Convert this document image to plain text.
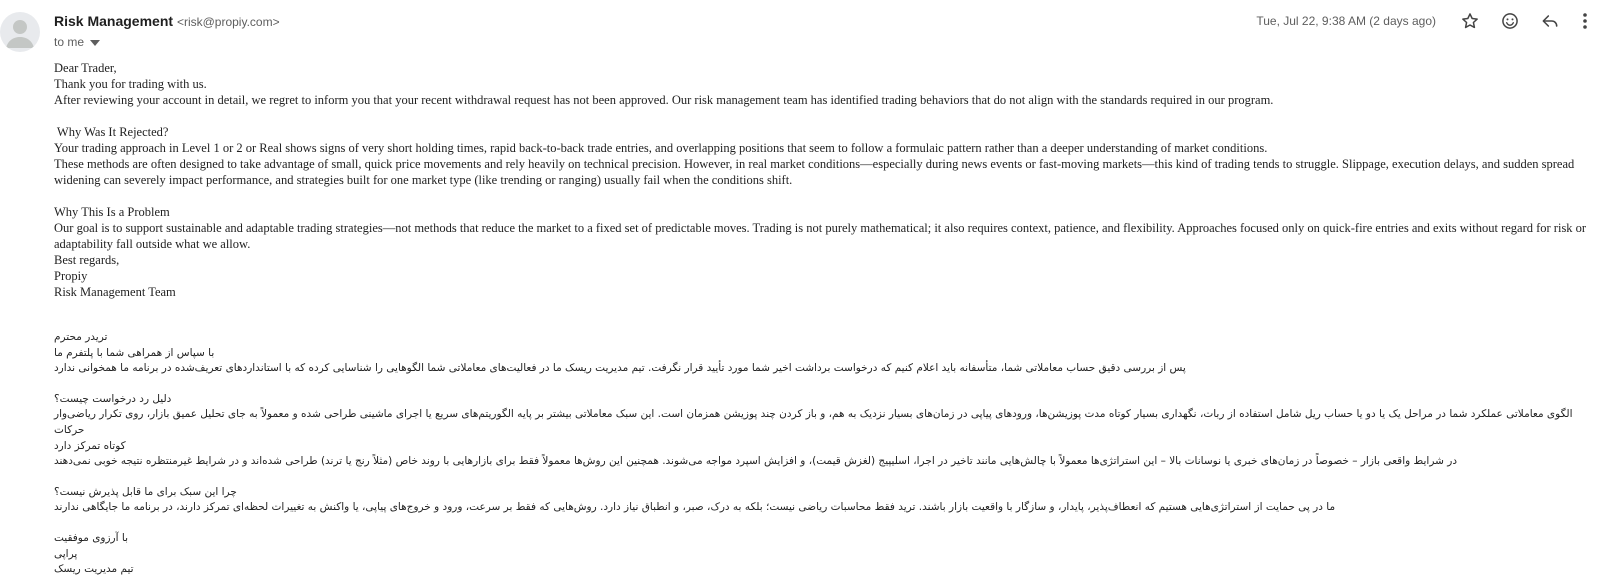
Risk Management <risk@propiy.com>
to me
Tue, Jul 22, 9:38 AM (2 days ago)

Dear Trader,

Thank you for trading with us.

After reviewing your account in detail, we regret to inform you that your recent withdrawal request has not been approved. Our risk management team has identified trading behaviors that do not align with the standards required in our program.

Why Was It Rejected?

Your trading approach in Level 1 or 2 or Real shows signs of very short holding times, rapid back-to-back trade entries, and overlapping positions that seem to follow a formulaic pattern rather than a deeper understanding of market conditions.

These methods are often designed to take advantage of small, quick price movements and rely heavily on technical precision. However, in real market conditions—especially during news events or fast-moving markets—this kind of trading tends to struggle. Slippage, execution delays, and sudden spread widening can severely impact performance, and strategies built for one market type (like trending or ranging) usually fail when the conditions shift.

Why This Is a Problem

Our goal is to support sustainable and adaptable trading strategies—not methods that reduce the market to a fixed set of predictable moves. Trading is not purely mathematical; it also requires context, patience, and flexibility. Approaches focused only on quick-fire entries and exits without regard for risk or adaptability fall outside what we allow.

Best regards,

Propiy

Risk Management Team

تریدر محترم
با سپاس از همراهی شما با پلتفرم ما
پس از بررسی دقیق حساب معاملاتی شما، متأسفانه باید اعلام کنیم که درخواست برداشت اخیر شما مورد تأیید قرار نگرفت. تیم مدیریت ریسک ما در فعالیت‌های معاملاتی شما الگوهایی را شناسایی کرده که با استانداردهای تعریف‌شده در برنامه ما همخوانی ندارد
دلیل رد درخواست چیست؟
الگوی معاملاتی عملکرد شما در مراحل یک یا دو یا حساب ریل شامل استفاده از ربات، نگهداری بسیار کوتاه مدت پوزیشن‌ها، ورودهای پیاپی در زمان‌های بسیار نزدیک به هم، و باز کردن چند پوزیشن همزمان است. این سبک معاملاتی بیشتر بر پایه الگوریتم‌های سریع یا اجرای ماشینی طراحی شده و معمولاً به جای تحلیل عمیق بازار، روی تکرار ریاضی‌وار حرکات
کوتاه تمرکز دارد
در شرایط واقعی بازار – خصوصاً در زمان‌های خبری یا نوسانات بالا – این استراتژی‌ها معمولاً با چالش‌هایی مانند تاخیر در اجرا، اسلیپیج (لغزش قیمت)، و افزایش اسپرد مواجه می‌شوند. همچنین این روش‌ها معمولاً فقط برای بازارهایی با روند خاص (مثلاً رنج یا ترند) طراحی شده‌اند و در شرایط غیرمنتظره نتیجه خوبی نمی‌دهند
چرا این سبک برای ما قابل پذیرش نیست؟
ما در پی حمایت از استراتژی‌هایی هستیم که انعطاف‌پذیر، پایدار، و سازگار با واقعیت بازار باشند. ترید فقط محاسبات ریاضی نیست؛ بلکه به درک، صبر، و انطباق نیاز دارد. روش‌هایی که فقط بر سرعت، ورود و خروج‌های پیاپی، یا واکنش به تغییرات لحظه‌ای تمرکز دارند، در برنامه ما جایگاهی ندارند
با آرزوی موفقیت
پراپی
تیم مدیریت ریسک
